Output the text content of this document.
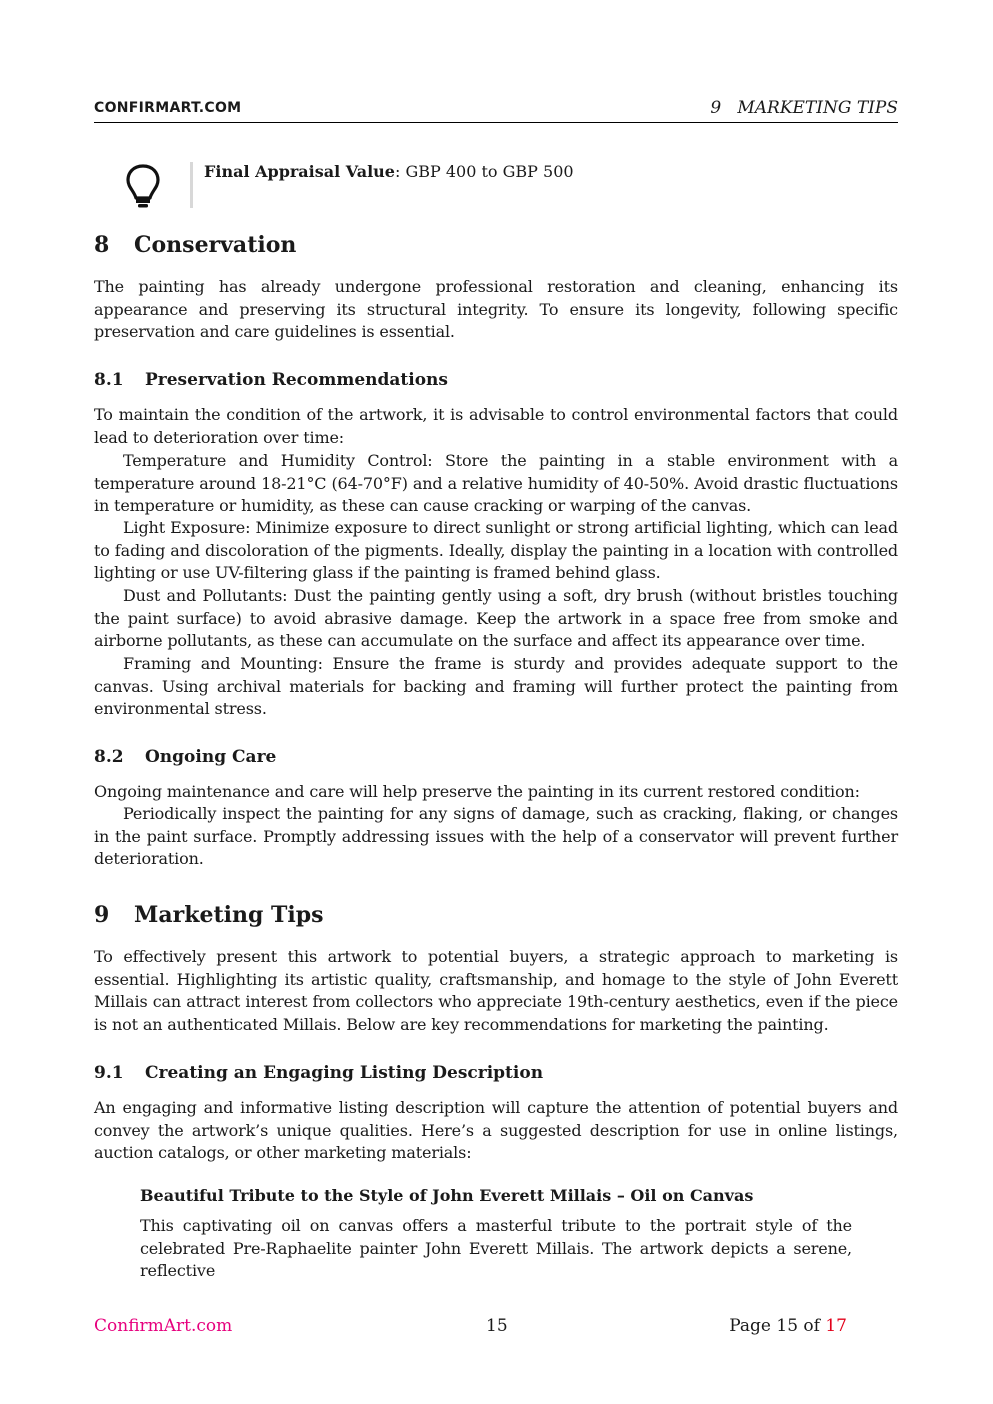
CONFIRMART.COM	9   MARKETING TIPS
Final Appraisal Value: GBP 400 to GBP 500
8 Conservation
The painting has already undergone professional restoration and cleaning, enhancing its appearance and preserving its structural integrity. To ensure its longevity, following specific preservation and care guidelines is essential.
8.1 Preservation Recommendations
To maintain the condition of the artwork, it is advisable to control environmental factors that could lead to deterioration over time:
Temperature and Humidity Control: Store the painting in a stable environment with a temperature around 18-21°C (64-70°F) and a relative humidity of 40-50%. Avoid drastic fluctuations in temperature or humidity, as these can cause cracking or warping of the canvas.
Light Exposure: Minimize exposure to direct sunlight or strong artificial lighting, which can lead to fading and discoloration of the pigments. Ideally, display the painting in a location with controlled lighting or use UV-filtering glass if the painting is framed behind glass.
Dust and Pollutants: Dust the painting gently using a soft, dry brush (without bristles touching the paint surface) to avoid abrasive damage. Keep the artwork in a space free from smoke and airborne pollutants, as these can accumulate on the surface and affect its appearance over time.
Framing and Mounting: Ensure the frame is sturdy and provides adequate support to the canvas. Using archival materials for backing and framing will further protect the painting from environmental stress.
8.2 Ongoing Care
Ongoing maintenance and care will help preserve the painting in its current restored condition:
Periodically inspect the painting for any signs of damage, such as cracking, flaking, or changes in the paint surface. Promptly addressing issues with the help of a conservator will prevent further deterioration.
9 Marketing Tips
To effectively present this artwork to potential buyers, a strategic approach to marketing is essential. Highlighting its artistic quality, craftsmanship, and homage to the style of John Everett Millais can attract interest from collectors who appreciate 19th-century aesthetics, even if the piece is not an authenticated Millais. Below are key recommendations for marketing the painting.
9.1 Creating an Engaging Listing Description
An engaging and informative listing description will capture the attention of potential buyers and convey the artwork’s unique qualities. Here’s a suggested description for use in online listings, auction catalogs, or other marketing materials:
Beautiful Tribute to the Style of John Everett Millais – Oil on Canvas
This captivating oil on canvas offers a masterful tribute to the portrait style of the celebrated Pre-Raphaelite painter John Everett Millais. The artwork depicts a serene, reflective
ConfirmArt.com	15	Page 15 of 17
